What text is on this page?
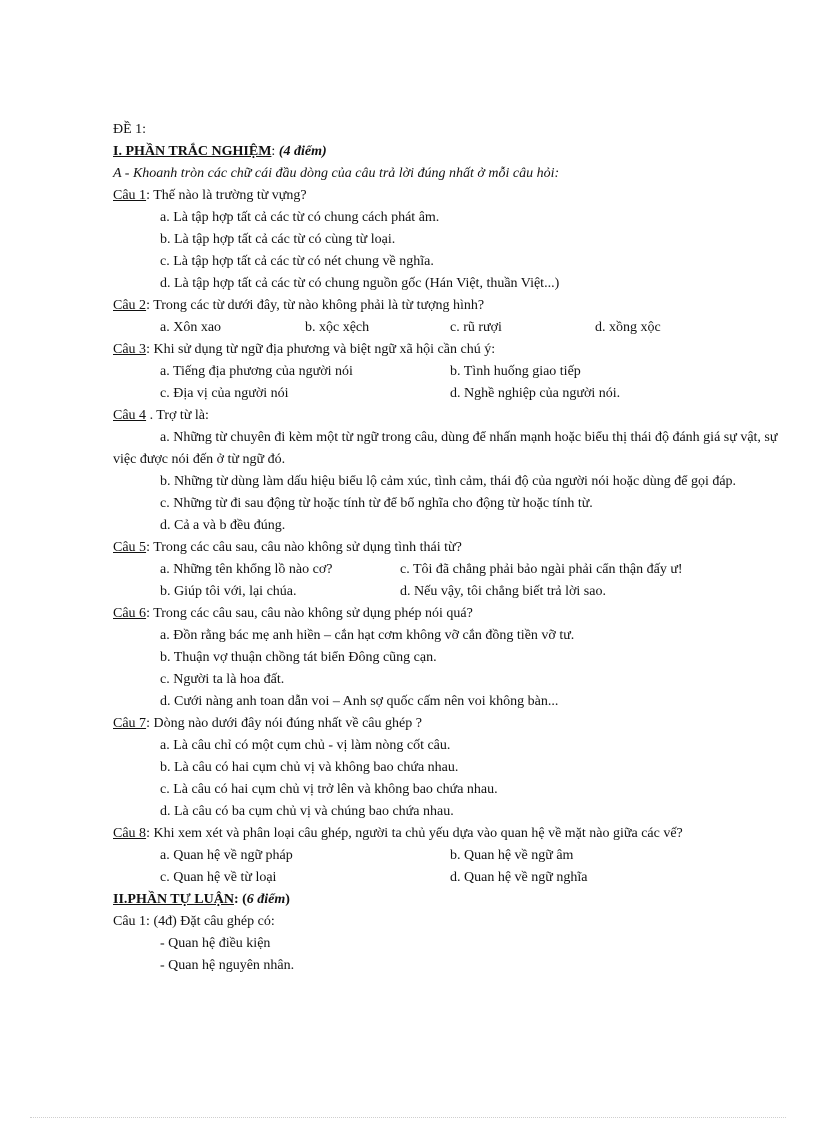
ĐỀ 1:
I. PHẦN TRẮC NGHIỆM: (4 điểm)
A - Khoanh tròn các chữ cái đầu dòng của câu trả lời đúng nhất ở mỗi câu hỏi:
Câu 1: Thế nào là trường từ vựng?
a. Là tập hợp tất cả các từ có chung cách phát âm.
b. Là tập hợp tất cả các từ có cùng từ loại.
c. Là tập hợp tất cả các từ có nét chung về nghĩa.
d. Là tập hợp tất cả các từ có chung nguồn gốc (Hán Việt, thuần Việt...)
Câu 2: Trong các từ dưới đây, từ nào không phải là từ tượng hình?
a. Xôn xao	b. xộc xệch	c. rũ rượi	d. xồng xộc
Câu 3: Khi sử dụng từ ngữ địa phương và biệt ngữ xã hội cần chú ý:
a. Tiếng địa phương của người nói	b. Tình huống giao tiếp
c. Địa vị của người nói	d. Nghề nghiệp của người nói.
Câu 4 . Trợ từ là:
a. Những từ chuyên đi kèm một từ ngữ trong câu, dùng để nhấn mạnh hoặc biểu thị thái độ đánh giá sự vật, sự việc được nói đến ở từ ngữ đó.
b. Những từ dùng làm dấu hiệu biểu lộ cảm xúc, tình cảm, thái độ của người nói hoặc dùng để gọi đáp.
c. Những từ đi sau động từ hoặc tính từ để bổ nghĩa cho động từ hoặc tính từ.
d. Cả a và b đều đúng.
Câu 5: Trong các câu sau, câu nào không sử dụng tình thái từ?
a. Những tên khổng lồ nào cơ?	c. Tôi đã chẳng phải bảo ngài phải cẩn thận đấy ư!
b. Giúp tôi với, lại chúa.	d. Nếu vậy, tôi chẳng biết trả lời sao.
Câu 6: Trong các câu sau, câu nào không sử dụng phép nói quá?
a. Đồn rằng bác mẹ anh hiền – cắn hạt cơm không vỡ cắn đồng tiền vỡ tư.
b. Thuận vợ thuận chồng tát biển Đông cũng cạn.
c. Người ta là hoa đất.
d. Cưới nàng anh toan dẫn voi – Anh sợ quốc cấm nên voi không bàn...
Câu 7: Dòng nào dưới đây nói đúng nhất về câu ghép ?
a. Là câu chỉ có một cụm chủ - vị làm nòng cốt câu.
b. Là câu có hai cụm chủ vị và không bao chứa nhau.
c. Là câu có hai cụm chủ vị trở lên và không bao chứa nhau.
d. Là câu có ba cụm chủ vị và chúng bao chứa nhau.
Câu 8: Khi xem xét và phân loại câu ghép, người ta chủ yếu dựa vào quan hệ về mặt nào giữa các vế?
a. Quan hệ về ngữ pháp	b. Quan hệ về ngữ âm
c. Quan hệ về từ loại	d. Quan hệ về ngữ nghĩa
II.PHẦN TỰ LUẬN: (6 điểm)
Câu 1: (4đ) Đặt câu ghép có:
- Quan hệ điều kiện
- Quan hệ nguyên nhân.
